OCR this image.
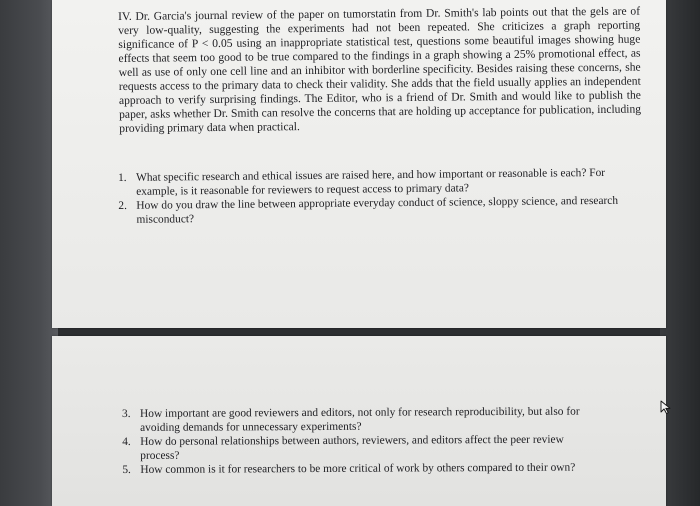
IV. Dr. Garcia's journal review of the paper on tumorstatin from Dr. Smith's lab points out that the gels are of very low-quality, suggesting the experiments had not been repeated. She criticizes a graph reporting significance of P < 0.05 using an inappropriate statistical test, questions some beautiful images showing huge effects that seem too good to be true compared to the findings in a graph showing a 25% promotional effect, as well as use of only one cell line and an inhibitor with borderline specificity. Besides raising these concerns, she requests access to the primary data to check their validity. She adds that the field usually applies an independent approach to verify surprising findings. The Editor, who is a friend of Dr. Smith and would like to publish the paper, asks whether Dr. Smith can resolve the concerns that are holding up acceptance for publication, including providing primary data when practical.

1. What specific research and ethical issues are raised here, and how important or reasonable is each? For example, is it reasonable for reviewers to request access to primary data?
2. How do you draw the line between appropriate everyday conduct of science, sloppy science, and research misconduct?
3. How important are good reviewers and editors, not only for research reproducibility, but also for avoiding demands for unnecessary experiments?
4. How do personal relationships between authors, reviewers, and editors affect the peer review process?
5. How common is it for researchers to be more critical of work by others compared to their own?
